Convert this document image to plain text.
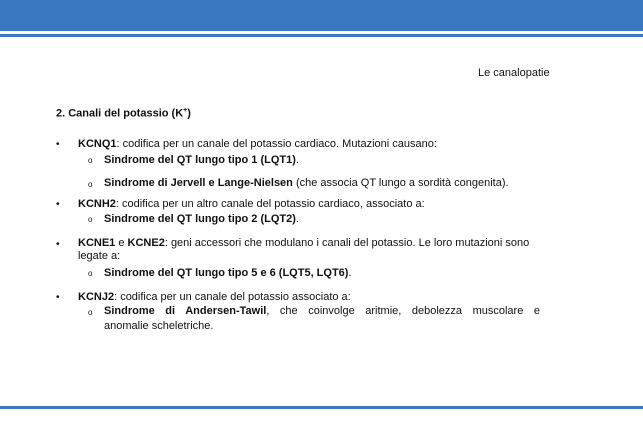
Le canalopatie
2. Canali del potassio (K+)
• KCNQ1: codifica per un canale del potassio cardiaco. Mutazioni causano:
o Sindrome del QT lungo tipo 1 (LQT1).
o Sindrome di Jervell e Lange-Nielsen (che associa QT lungo a sordità congenita).
• KCNH2: codifica per un altro canale del potassio cardiaco, associato a:
o Sindrome del QT lungo tipo 2 (LQT2).
• KCNE1 e KCNE2: geni accessori che modulano i canali del potassio. Le loro mutazioni sono
legate a:
o Sindrome del QT lungo tipo 5 e 6 (LQT5, LQT6).
• KCNJ2: codifica per un canale del potassio associato a:
o Sindrome di Andersen-Tawil, che coinvolge aritmie, debolezza muscolare e
anomalie scheletriche.
